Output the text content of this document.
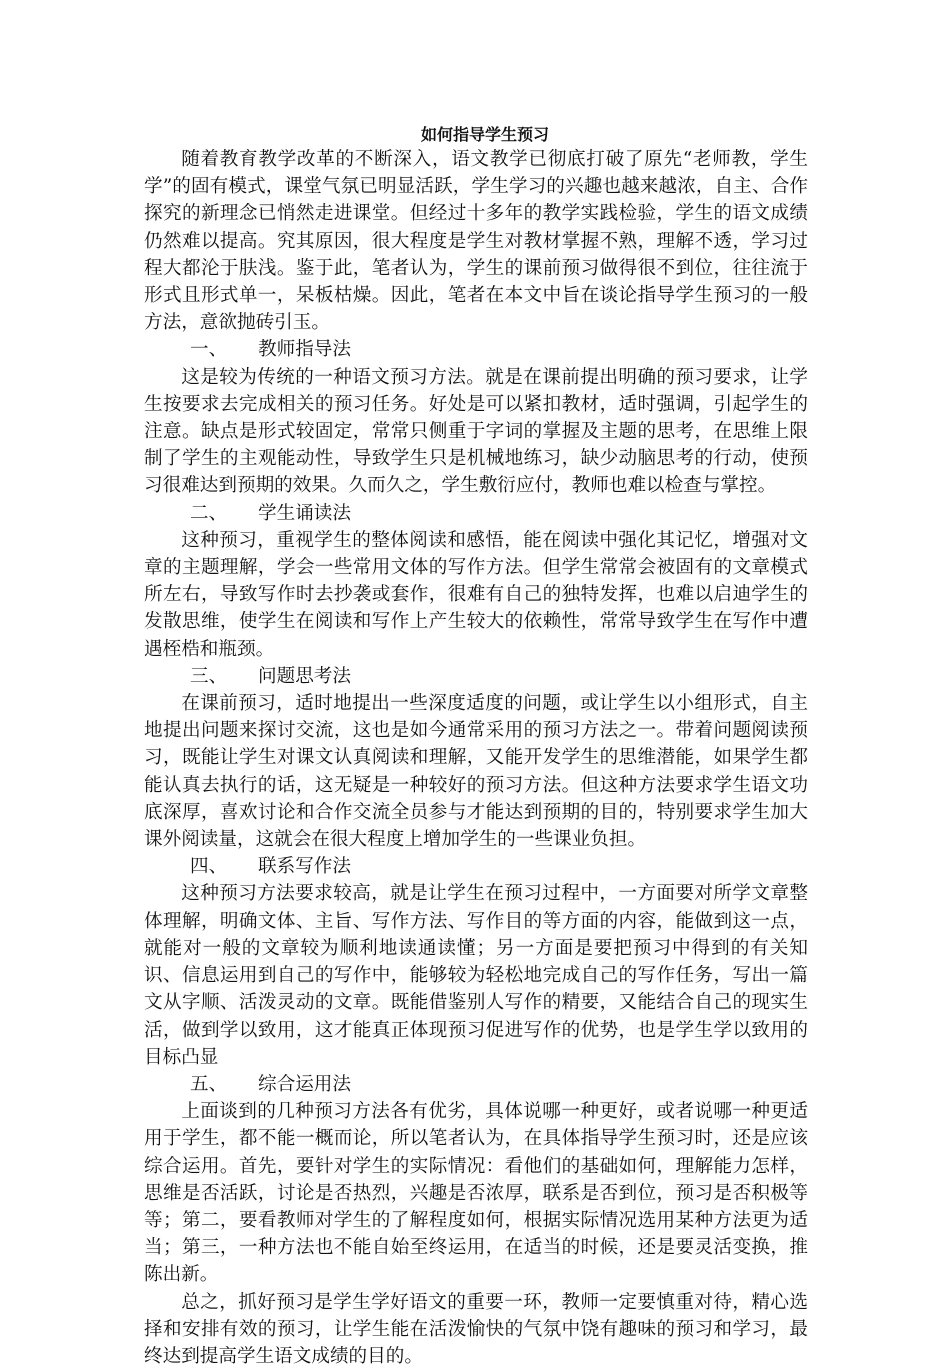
如何指导学生预习

随着教育教学改革的不断深入，语文教学已彻底打破了原先“老师教，学生学”的固有模式，课堂气氛已明显活跃，学生学习的兴趣也越来越浓，自主、合作探究的新理念已悄然走进课堂。但经过十多年的教学实践检验，学生的语文成绩仍然难以提高。究其原因，很大程度是学生对教材掌握不熟，理解不透，学习过程大都沦于肤浅。鉴于此，笔者认为，学生的课前预习做得很不到位，往往流于形式且形式单一，呆板枯燥。因此，笔者在本文中旨在谈论指导学生预习的一般方法，意欲抛砖引玉。

一、 教师指导法

这是较为传统的一种语文预习方法。就是在课前提出明确的预习要求，让学生按要求去完成相关的预习任务。好处是可以紧扣教材，适时强调，引起学生的注意。缺点是形式较固定，常常只侧重于字词的掌握及主题的思考，在思维上限制了学生的主观能动性，导致学生只是机械地练习，缺少动脑思考的行动，使预习很难达到预期的效果。久而久之，学生敷衍应付，教师也难以检查与掌控。

二、 学生诵读法

这种预习，重视学生的整体阅读和感悟，能在阅读中强化其记忆，增强对文章的主题理解，学会一些常用文体的写作方法。但学生常常会被固有的文章模式所左右，导致写作时去抄袭或套作，很难有自己的独特发挥，也难以启迪学生的发散思维，使学生在阅读和写作上产生较大的依赖性，常常导致学生在写作中遭遇桎梏和瓶颈。

三、 问题思考法

在课前预习，适时地提出一些深度适度的问题，或让学生以小组形式，自主地提出问题来探讨交流，这也是如今通常采用的预习方法之一。带着问题阅读预习，既能让学生对课文认真阅读和理解，又能开发学生的思维潜能，如果学生都能认真去执行的话，这无疑是一种较好的预习方法。但这种方法要求学生语文功底深厚，喜欢讨论和合作交流全员参与才能达到预期的目的，特别要求学生加大课外阅读量，这就会在很大程度上增加学生的一些课业负担。

四、 联系写作法

这种预习方法要求较高，就是让学生在预习过程中，一方面要对所学文章整体理解，明确文体、主旨、写作方法、写作目的等方面的内容，能做到这一点，就能对一般的文章较为顺利地读通读懂；另一方面是要把预习中得到的有关知识、信息运用到自己的写作中，能够较为轻松地完成自己的写作任务，写出一篇文从字顺、活泼灵动的文章。既能借鉴别人写作的精要，又能结合自己的现实生活，做到学以致用，这才能真正体现预习促进写作的优势，也是学生学以致用的目标凸显

五、 综合运用法

上面谈到的几种预习方法各有优劣，具体说哪一种更好，或者说哪一种更适用于学生，都不能一概而论，所以笔者认为，在具体指导学生预习时，还是应该综合运用。首先，要针对学生的实际情况：看他们的基础如何，理解能力怎样，思维是否活跃，讨论是否热烈，兴趣是否浓厚，联系是否到位，预习是否积极等等；第二，要看教师对学生的了解程度如何，根据实际情况选用某种方法更为适当；第三，一种方法也不能自始至终运用，在适当的时候，还是要灵活变换，推陈出新。

总之，抓好预习是学生学好语文的重要一环，教师一定要慎重对待，精心选择和安排有效的预习，让学生能在活泼愉快的气氛中饶有趣味的预习和学习，最终达到提高学生语文成绩的目的。
